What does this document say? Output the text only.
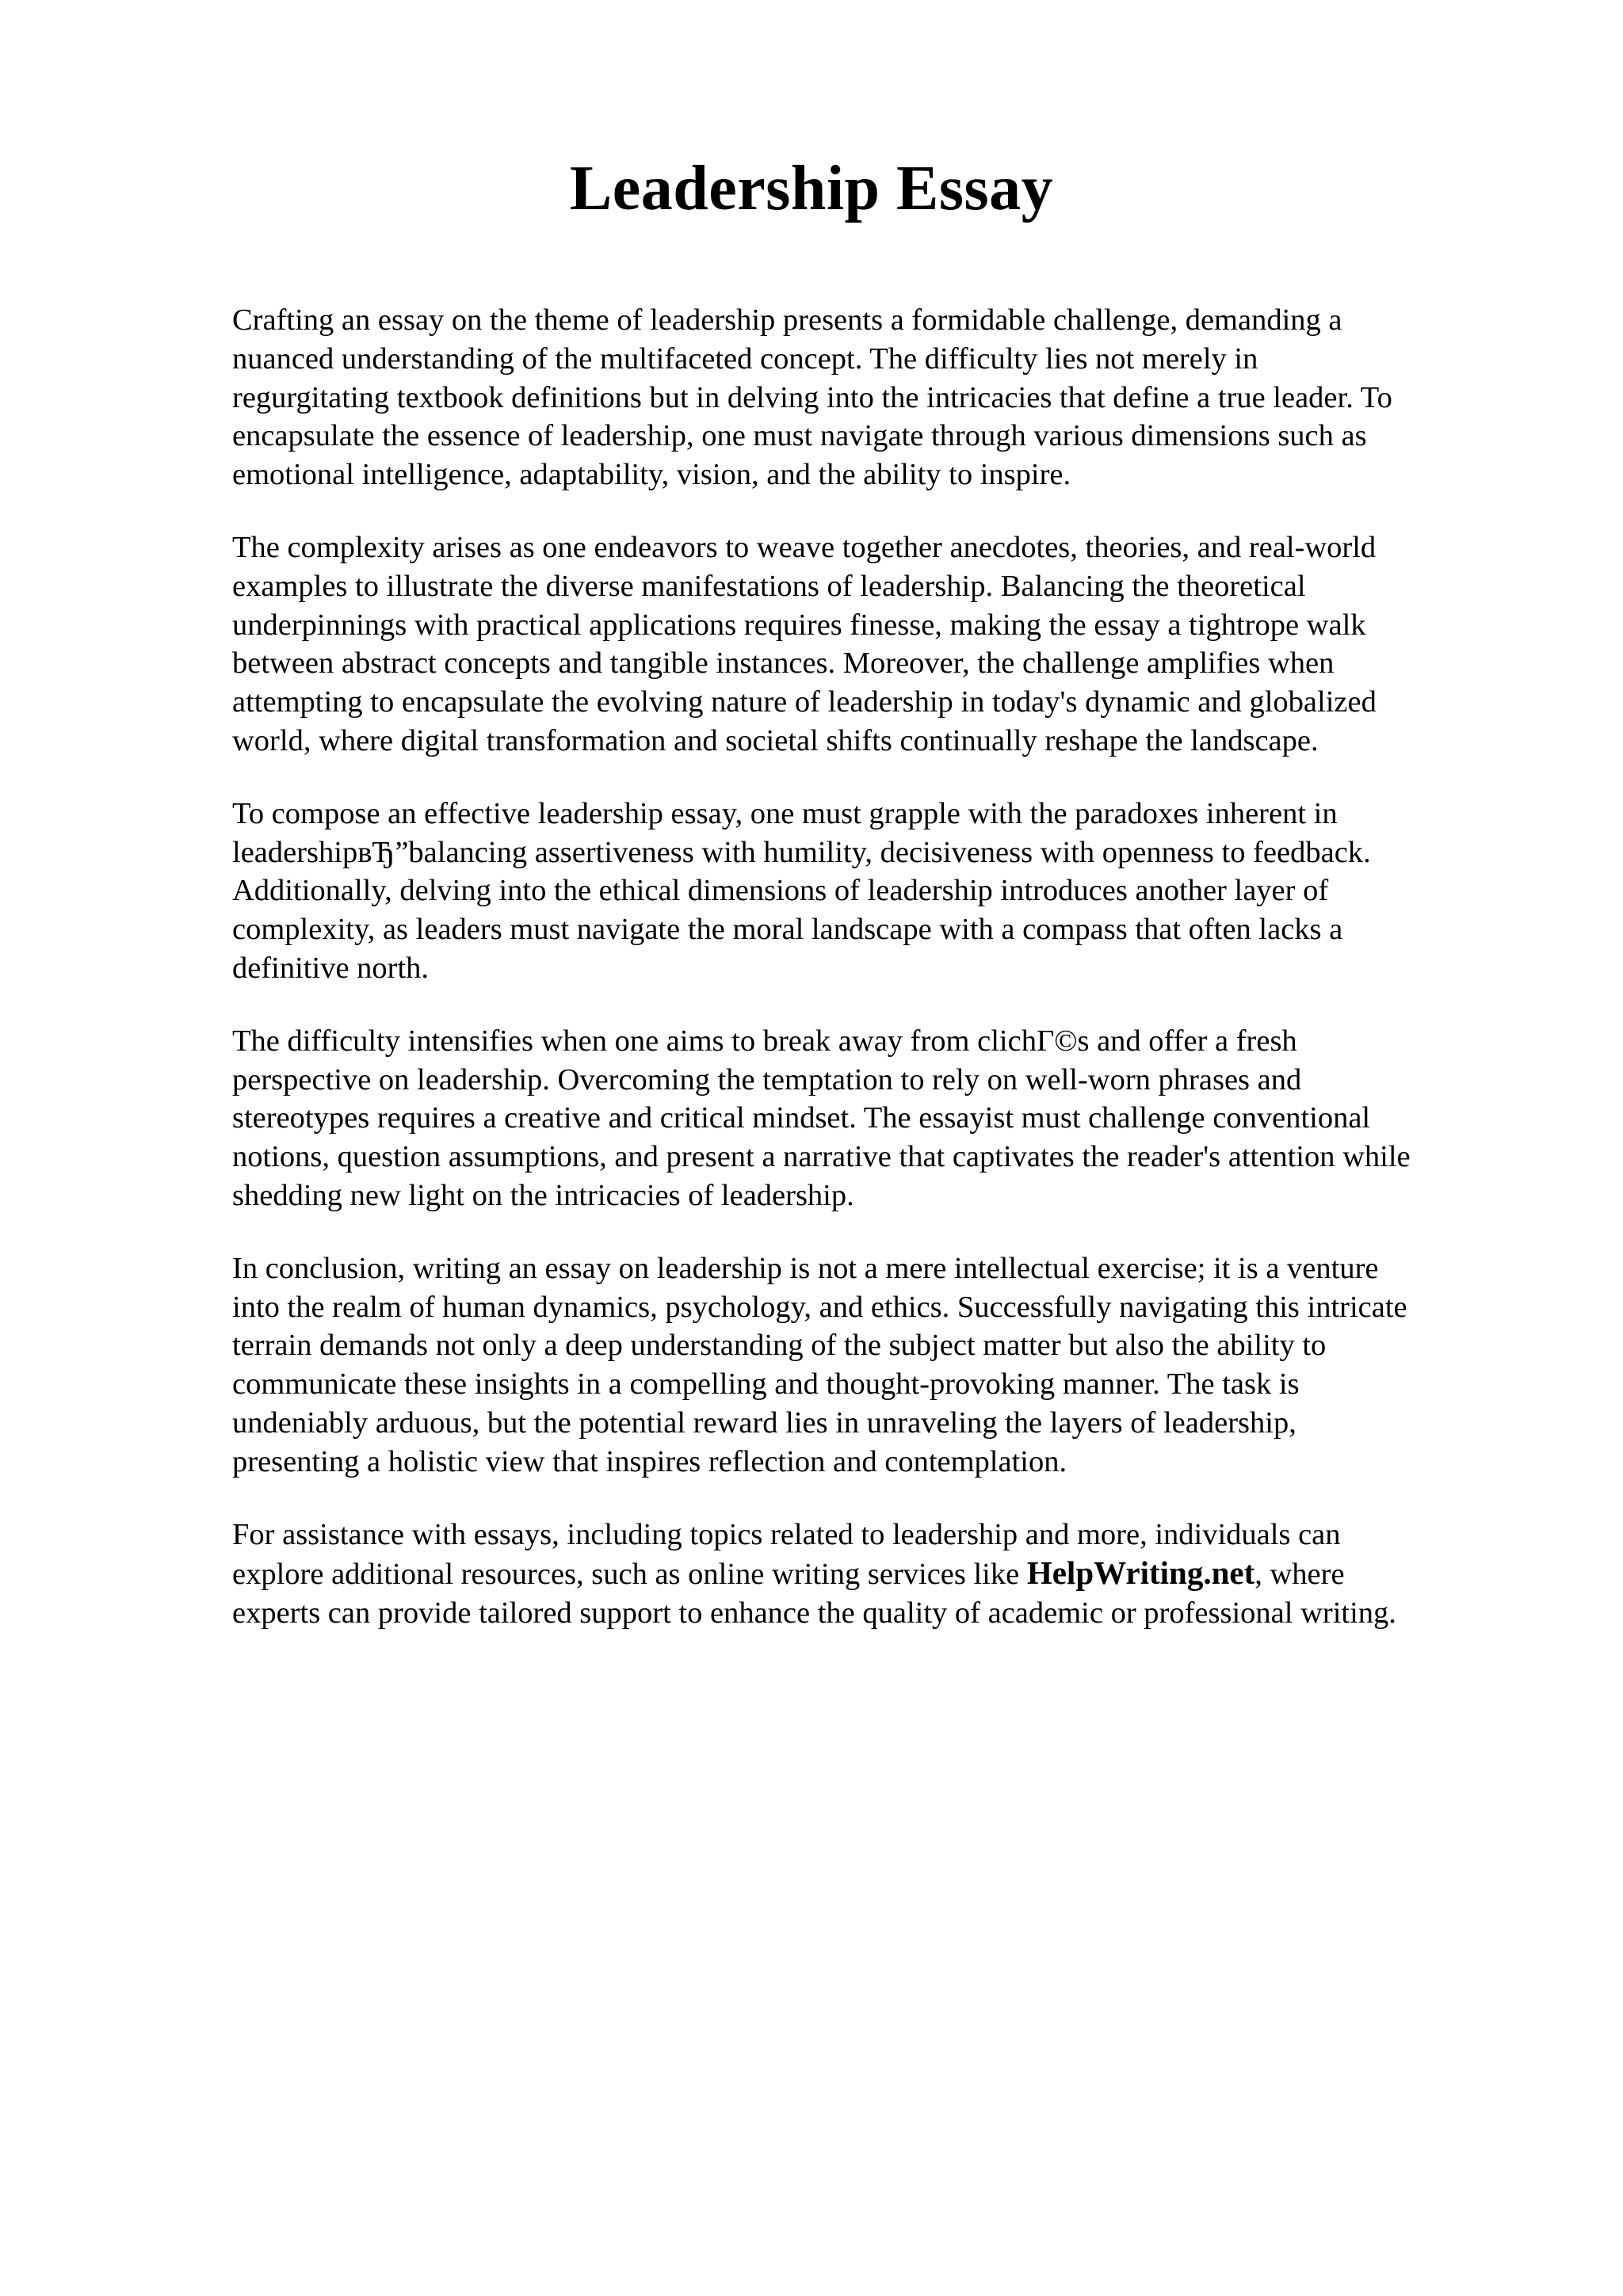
Leadership Essay

Crafting an essay on the theme of leadership presents a formidable challenge, demanding a
nuanced understanding of the multifaceted concept. The difficulty lies not merely in
regurgitating textbook definitions but in delving into the intricacies that define a true leader. To
encapsulate the essence of leadership, one must navigate through various dimensions such as
emotional intelligence, adaptability, vision, and the ability to inspire.

The complexity arises as one endeavors to weave together anecdotes, theories, and real-world
examples to illustrate the diverse manifestations of leadership. Balancing the theoretical
underpinnings with practical applications requires finesse, making the essay a tightrope walk
between abstract concepts and tangible instances. Moreover, the challenge amplifies when
attempting to encapsulate the evolving nature of leadership in today's dynamic and globalized
world, where digital transformation and societal shifts continually reshape the landscape.

To compose an effective leadership essay, one must grapple with the paradoxes inherent in
leadershipвЂ”balancing assertiveness with humility, decisiveness with openness to feedback.
Additionally, delving into the ethical dimensions of leadership introduces another layer of
complexity, as leaders must navigate the moral landscape with a compass that often lacks a
definitive north.

The difficulty intensifies when one aims to break away from clichГ©s and offer a fresh
perspective on leadership. Overcoming the temptation to rely on well-worn phrases and
stereotypes requires a creative and critical mindset. The essayist must challenge conventional
notions, question assumptions, and present a narrative that captivates the reader's attention while
shedding new light on the intricacies of leadership.

In conclusion, writing an essay on leadership is not a mere intellectual exercise; it is a venture
into the realm of human dynamics, psychology, and ethics. Successfully navigating this intricate
terrain demands not only a deep understanding of the subject matter but also the ability to
communicate these insights in a compelling and thought-provoking manner. The task is
undeniably arduous, but the potential reward lies in unraveling the layers of leadership,
presenting a holistic view that inspires reflection and contemplation.

For assistance with essays, including topics related to leadership and more, individuals can
explore additional resources, such as online writing services like HelpWriting.net, where
experts can provide tailored support to enhance the quality of academic or professional writing.
